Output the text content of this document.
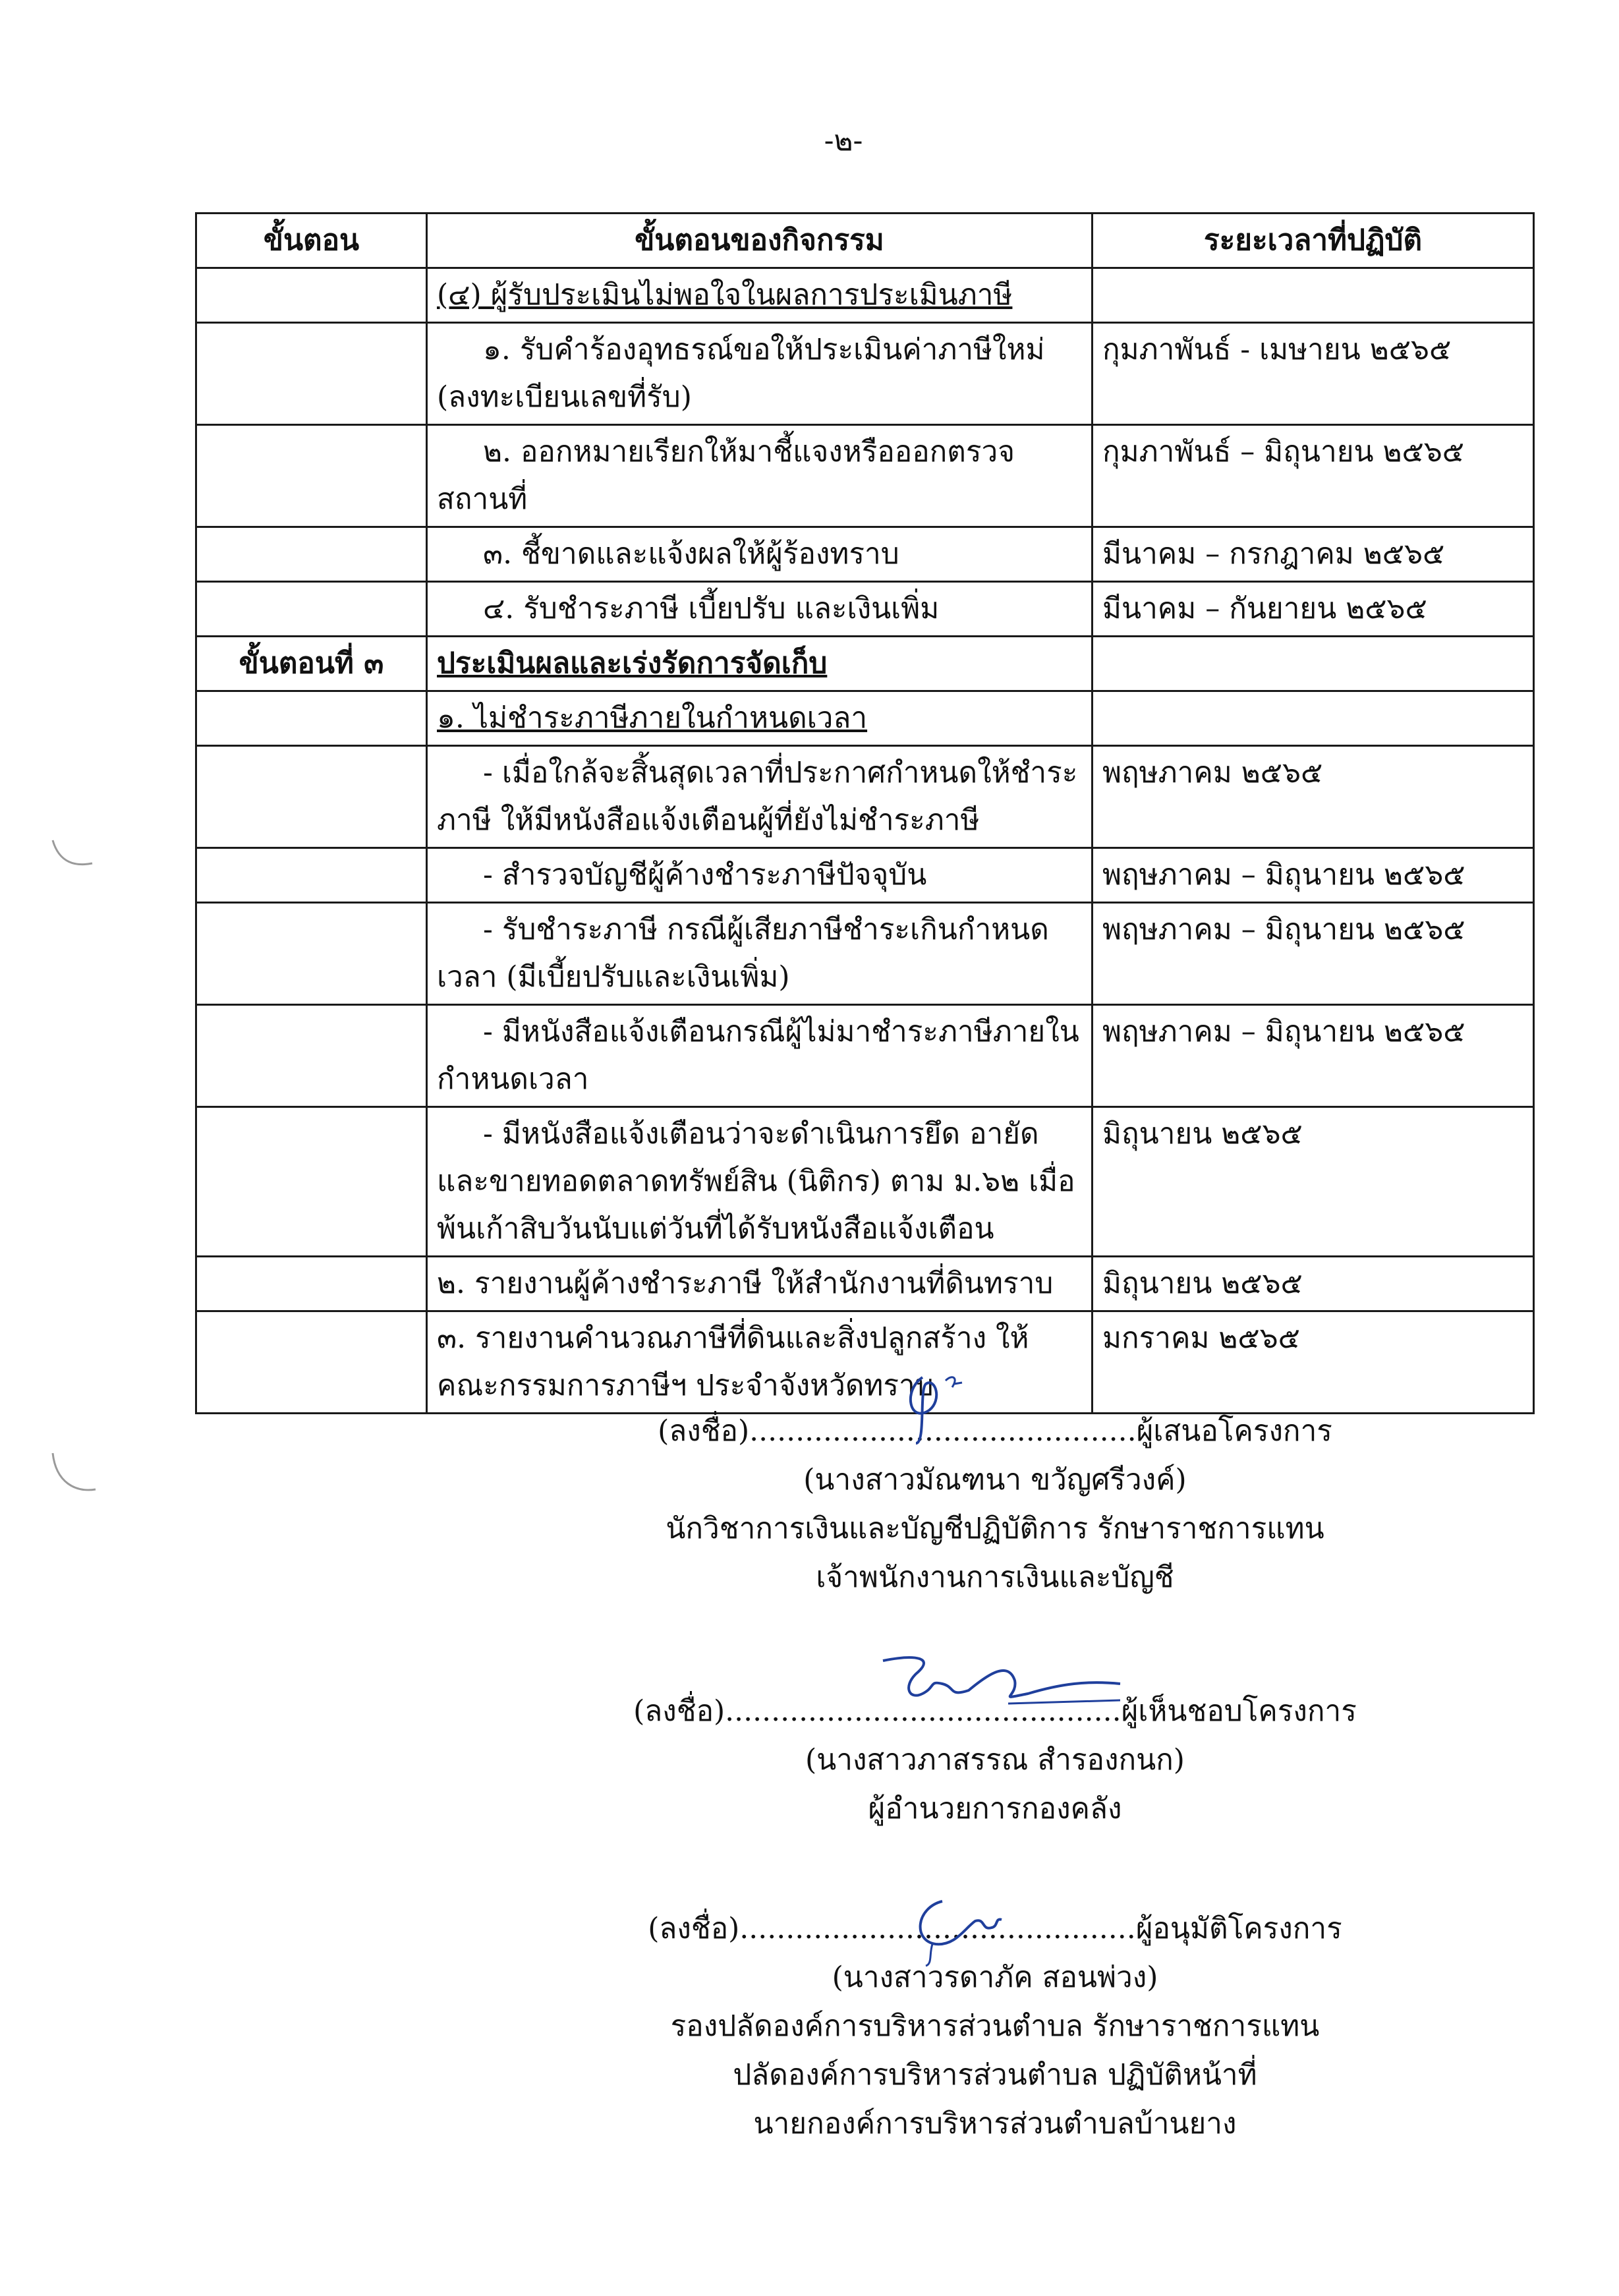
-๒-
ขั้นตอน	ขั้นตอนของกิจกรรม	ระยะเวลาที่ปฏิบัติ
	(๔) ผู้รับประเมินไม่พอใจในผลการประเมินภาษี	
	๑. รับคำร้องอุทธรณ์ขอให้ประเมินค่าภาษีใหม่ (ลงทะเบียนเลขที่รับ)	กุมภาพันธ์ - เมษายน ๒๕๖๕
	๒. ออกหมายเรียกให้มาชี้แจงหรือออกตรวจสถานที่	กุมภาพันธ์ – มิถุนายน ๒๕๖๕
	๓. ชี้ขาดและแจ้งผลให้ผู้ร้องทราบ	มีนาคม – กรกฎาคม ๒๕๖๕
	๔. รับชำระภาษี เบี้ยปรับ และเงินเพิ่ม	มีนาคม – กันยายน ๒๕๖๕
ขั้นตอนที่ ๓	ประเมินผลและเร่งรัดการจัดเก็บ	
	๑. ไม่ชำระภาษีภายในกำหนดเวลา	
	- เมื่อใกล้จะสิ้นสุดเวลาที่ประกาศกำหนดให้ชำระภาษี ให้มีหนังสือแจ้งเตือนผู้ที่ยังไม่ชำระภาษี	พฤษภาคม ๒๕๖๕
	- สำรวจบัญชีผู้ค้างชำระภาษีปัจจุบัน	พฤษภาคม – มิถุนายน ๒๕๖๕
	- รับชำระภาษี กรณีผู้เสียภาษีชำระเกินกำหนดเวลา (มีเบี้ยปรับและเงินเพิ่ม)	พฤษภาคม – มิถุนายน ๒๕๖๕
	- มีหนังสือแจ้งเตือนกรณีผู้ไม่มาชำระภาษีภายในกำหนดเวลา	พฤษภาคม – มิถุนายน ๒๕๖๕
	- มีหนังสือแจ้งเตือนว่าจะดำเนินการยึด อายัดและขายทอดตลาดทรัพย์สิน (นิติกร) ตาม ม.๖๒ เมื่อพ้นเก้าสิบวันนับแต่วันที่ได้รับหนังสือแจ้งเตือน	มิถุนายน ๒๕๖๕
	๒. รายงานผู้ค้างชำระภาษี ให้สำนักงานที่ดินทราบ	มิถุนายน ๒๕๖๕
	๓. รายงานคำนวณภาษีที่ดินและสิ่งปลูกสร้าง ให้คณะกรรมการภาษีฯ ประจำจังหวัดทราบ	มกราคม ๒๕๖๕
(ลงชื่อ)..........................................ผู้เสนอโครงการ
(นางสาวมัณฑนา ขวัญศรีวงค์)
นักวิชาการเงินและบัญชีปฏิบัติการ รักษาราชการแทน
เจ้าพนักงานการเงินและบัญชี
(ลงชื่อ)...........................................ผู้เห็นชอบโครงการ
(นางสาวภาสรรณ สำรองกนก)
ผู้อำนวยการกองคลัง
(ลงชื่อ)...........................................ผู้อนุมัติโครงการ
(นางสาวรดาภัค สอนพ่วง)
รองปลัดองค์การบริหารส่วนตำบล รักษาราชการแทน
ปลัดองค์การบริหารส่วนตำบล ปฏิบัติหน้าที่
นายกองค์การบริหารส่วนตำบลบ้านยาง
